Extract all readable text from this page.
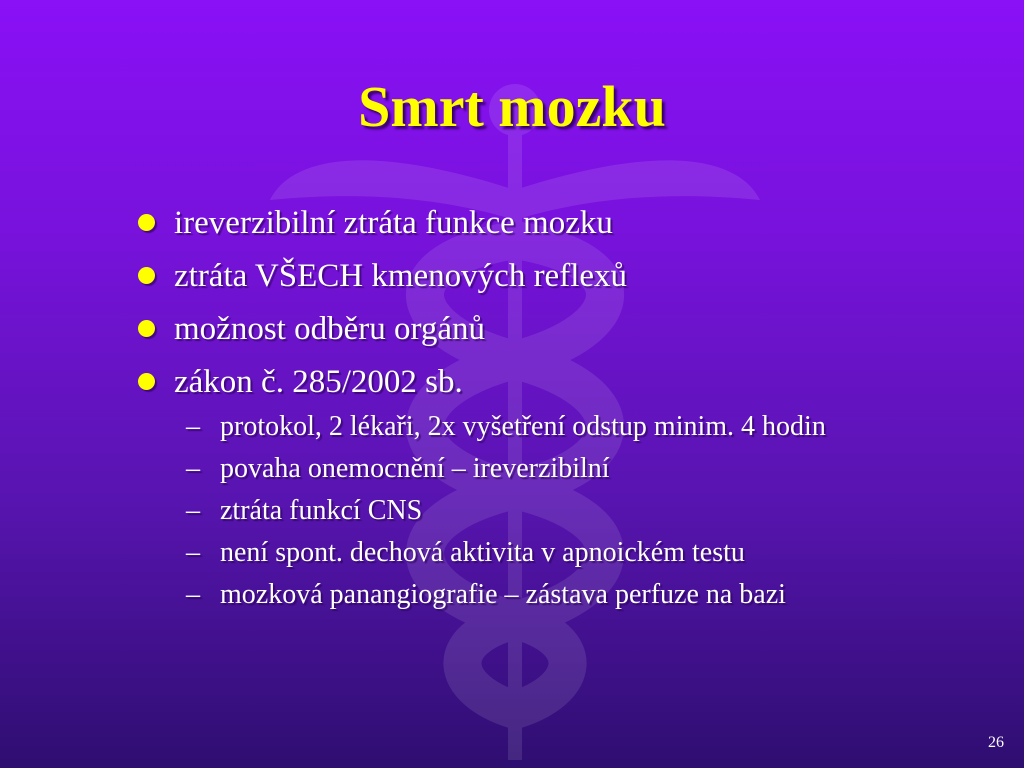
Smrt mozku
ireverzibilní ztráta funkce mozku
ztráta VŠECH kmenových reflexů
možnost odběru orgánů
zákon č. 285/2002 sb.
– protokol, 2 lékaři, 2x vyšetření odstup minim. 4 hodin
– povaha onemocnění – ireverzibilní
– ztráta funkcí CNS
– není spont. dechová aktivita v apnoickém testu
– mozková panangiografie – zástava perfuze na bazi
26
